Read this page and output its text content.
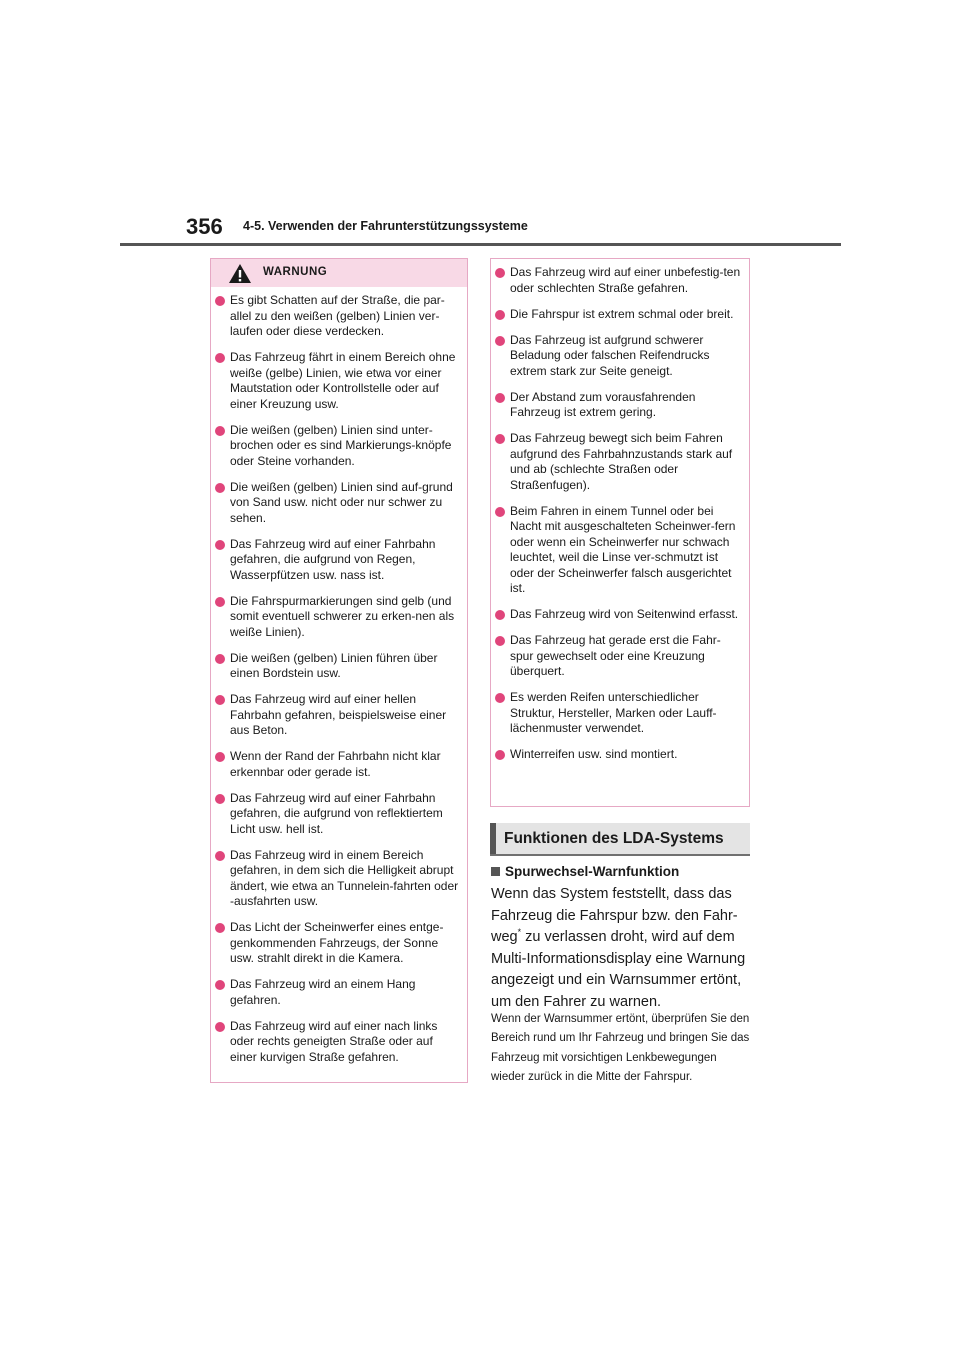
356 4-5. Verwenden der Fahrunterstützungssysteme
WARNUNG
Es gibt Schatten auf der Straße, die par-allel zu den weißen (gelben) Linien ver-laufen oder diese verdecken.
Das Fahrzeug fährt in einem Bereich ohne weiße (gelbe) Linien, wie etwa vor einer Mautstation oder Kontrollstelle oder auf einer Kreuzung usw.
Die weißen (gelben) Linien sind unter-brochen oder es sind Markierungs-knöpfe oder Steine vorhanden.
Die weißen (gelben) Linien sind auf-grund von Sand usw. nicht oder nur schwer zu sehen.
Das Fahrzeug wird auf einer Fahrbahn gefahren, die aufgrund von Regen, Wasserpfützen usw. nass ist.
Die Fahrspurmarkierungen sind gelb (und somit eventuell schwerer zu erken-nen als weiße Linien).
Die weißen (gelben) Linien führen über einen Bordstein usw.
Das Fahrzeug wird auf einer hellen Fahrbahn gefahren, beispielsweise einer aus Beton.
Wenn der Rand der Fahrbahn nicht klar erkennbar oder gerade ist.
Das Fahrzeug wird auf einer Fahrbahn gefahren, die aufgrund von reflektiertem Licht usw. hell ist.
Das Fahrzeug wird in einem Bereich gefahren, in dem sich die Helligkeit abrupt ändert, wie etwa an Tunnelein-fahrten oder -ausfahrten usw.
Das Licht der Scheinwerfer eines entge-genkommenden Fahrzeugs, der Sonne usw. strahlt direkt in die Kamera.
Das Fahrzeug wird an einem Hang gefahren.
Das Fahrzeug wird auf einer nach links oder rechts geneigten Straße oder auf einer kurvigen Straße gefahren.
Das Fahrzeug wird auf einer unbefestig-ten oder schlechten Straße gefahren.
Die Fahrspur ist extrem schmal oder breit.
Das Fahrzeug ist aufgrund schwerer Beladung oder falschen Reifendrucks extrem stark zur Seite geneigt.
Der Abstand zum vorausfahrenden Fahrzeug ist extrem gering.
Das Fahrzeug bewegt sich beim Fahren aufgrund des Fahrbahnzustands stark auf und ab (schlechte Straßen oder Straßenfugen).
Beim Fahren in einem Tunnel oder bei Nacht mit ausgeschalteten Scheinwer-fern oder wenn ein Scheinwerfer nur schwach leuchtet, weil die Linse ver-schmutzt ist oder der Scheinwerfer falsch ausgerichtet ist.
Das Fahrzeug wird von Seitenwind erfasst.
Das Fahrzeug hat gerade erst die Fahr-spur gewechselt oder eine Kreuzung überquert.
Es werden Reifen unterschiedlicher Struktur, Hersteller, Marken oder Lauff-lächenmuster verwendet.
Winterreifen usw. sind montiert.
Funktionen des LDA-Systems
Spurwechsel-Warnfunktion

Wenn das System feststellt, dass das Fahrzeug die Fahrspur bzw. den Fahr-weg* zu verlassen droht, wird auf dem Multi-Informationsdisplay eine Warnung angezeigt und ein Warnsummer ertönt, um den Fahrer zu warnen.

Wenn der Warnsummer ertönt, überprüfen Sie den Bereich rund um Ihr Fahrzeug und bringen Sie das Fahrzeug mit vorsichtigen Lenkbewegungen wieder zurück in die Mitte der Fahrspur.
